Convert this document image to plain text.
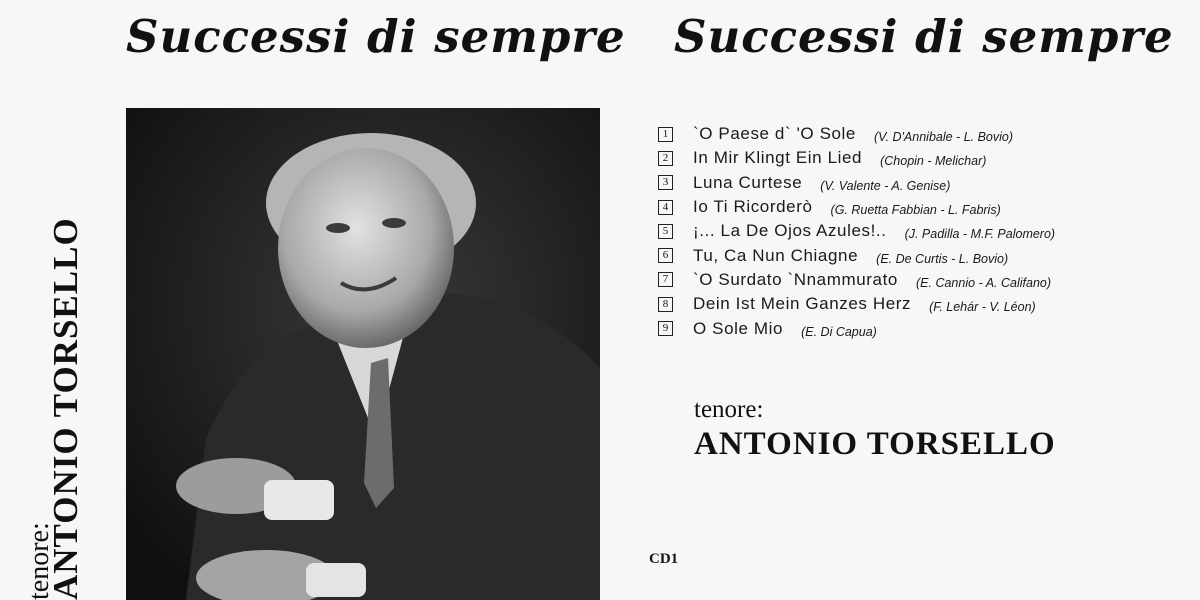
Successi di sempre
tenore:
ANTONIO TORSELLO
Successi di sempre
1 `O Paese d` 'O Sole (V. D'Annibale - L. Bovio)
2 In Mir Klingt Ein Lied (Chopin - Melichar)
3 Luna Curtese (V. Valente - A. Genise)
4 Io Ti Ricorderò (G. Ruetta Fabbian - L. Fabris)
5 ¡... La De Ojos Azules!.. (J. Padilla - M.F. Palomero)
6 Tu, Ca Nun Chiagne (E. De Curtis - L. Bovio)
7 `O Surdato `Nnammurato (E. Cannio - A. Califano)
8 Dein Ist Mein Ganzes Herz (F. Lehár - V. Léon)
9 O Sole Mio (E. Di Capua)
tenore:
ANTONIO TORSELLO
CD1
